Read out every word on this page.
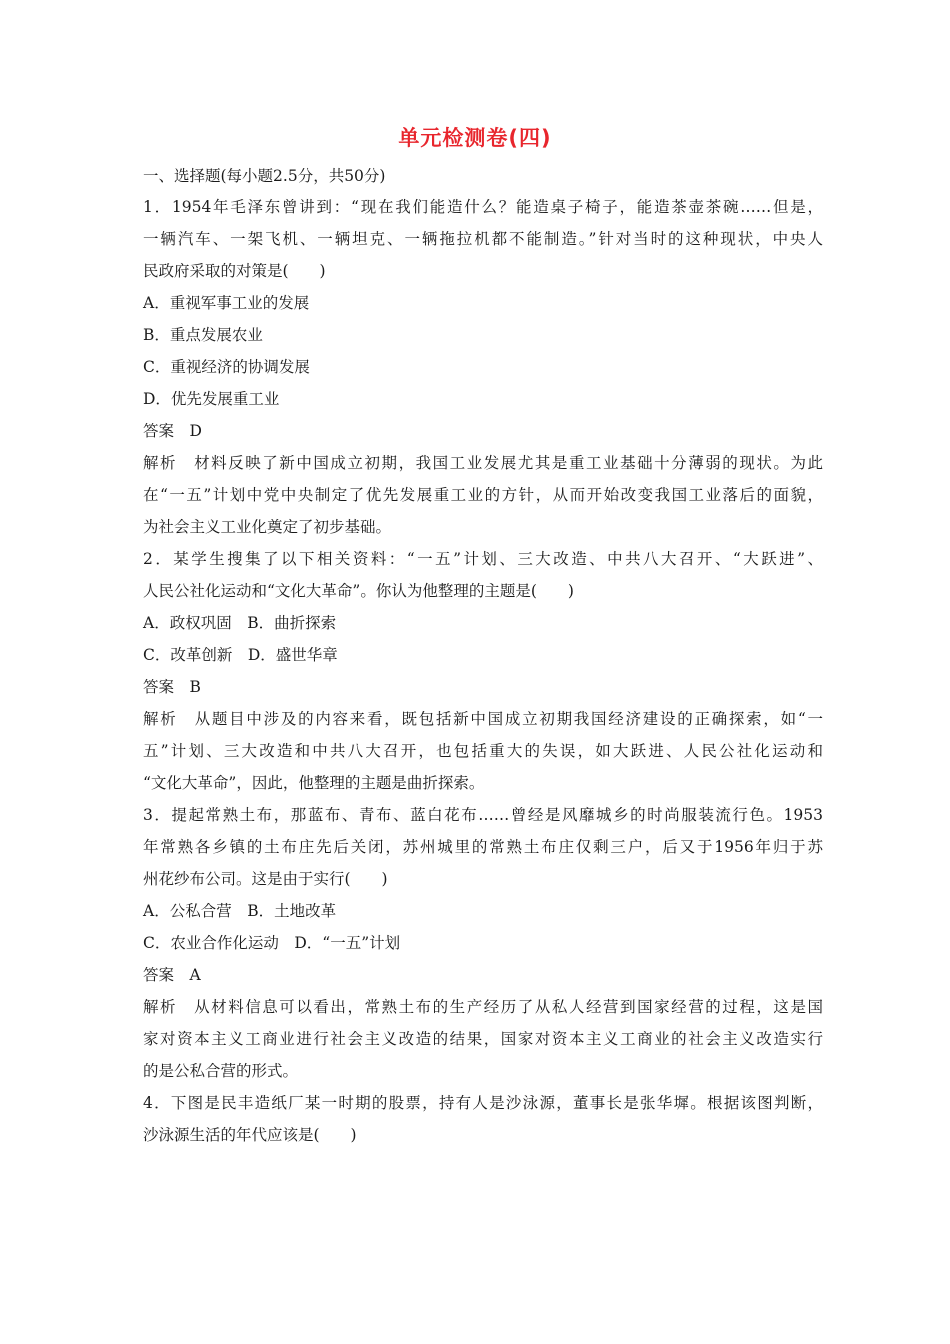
单元检测卷(四)
一、选择题(每小题2.5分，共50分)
1．1954年毛泽东曾讲到：“现在我们能造什么？能造桌子椅子，能造茶壶茶碗……但是，
一辆汽车、一架飞机、一辆坦克、一辆拖拉机都不能制造。”针对当时的这种现状，中央人
民政府采取的对策是(　　)
A．重视军事工业的发展
B．重点发展农业
C．重视经济的协调发展
D．优先发展重工业
答案　D
解析　材料反映了新中国成立初期，我国工业发展尤其是重工业基础十分薄弱的现状。为此
在“一五”计划中党中央制定了优先发展重工业的方针，从而开始改变我国工业落后的面貌，
为社会主义工业化奠定了初步基础。
2．某学生搜集了以下相关资料：“一五”计划、三大改造、中共八大召开、“大跃进”、
人民公社化运动和“文化大革命”。你认为他整理的主题是(　　)
A．政权巩固　B．曲折探索
C．改革创新　D．盛世华章
答案　B
解析　从题目中涉及的内容来看，既包括新中国成立初期我国经济建设的正确探索，如“一
五”计划、三大改造和中共八大召开，也包括重大的失误，如大跃进、人民公社化运动和
“文化大革命”，因此，他整理的主题是曲折探索。
3．提起常熟土布，那蓝布、青布、蓝白花布……曾经是风靡城乡的时尚服装流行色。1953
年常熟各乡镇的土布庄先后关闭，苏州城里的常熟土布庄仅剩三户，后又于1956年归于苏
州花纱布公司。这是由于实行(　　)
A．公私合营　B．土地改革
C．农业合作化运动　D．“一五”计划
答案　A
解析　从材料信息可以看出，常熟土布的生产经历了从私人经营到国家经营的过程，这是国
家对资本主义工商业进行社会主义改造的结果，国家对资本主义工商业的社会主义改造实行
的是公私合营的形式。
4．下图是民丰造纸厂某一时期的股票，持有人是沙泳源，董事长是张华墀。根据该图判断，
沙泳源生活的年代应该是(　　)
